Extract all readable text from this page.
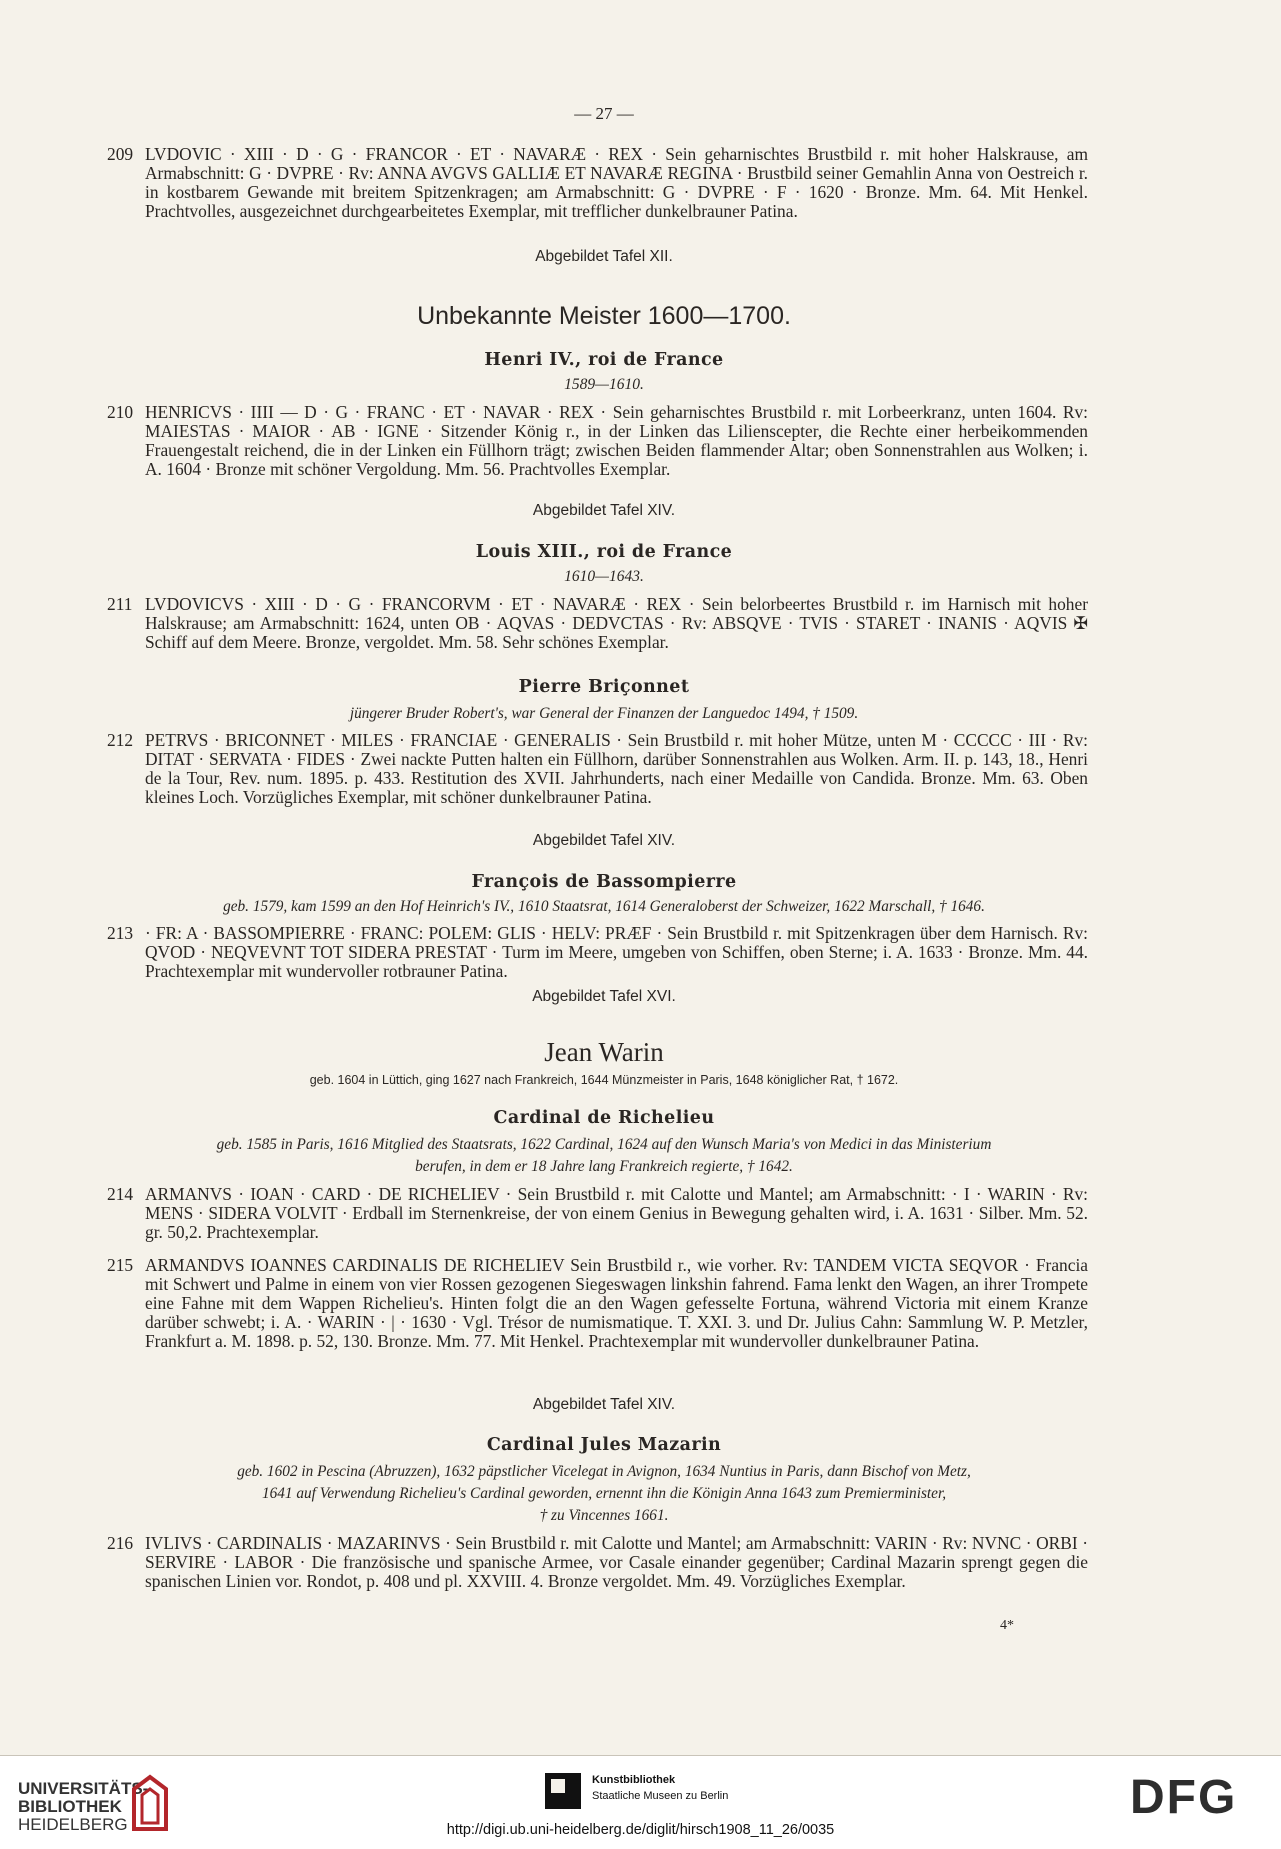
— 27 —
209 LVDOVIC · XIII · D · G · FRANCOR · ET · NAVARÆ · REX · Sein geharnischtes Brustbild r. mit hoher Halskrause, am Armabschnitt: G · DVPRE · Rv: ANNA AVGVS GALLIÆ ET NAVARÆ REGINA · Brustbild seiner Gemahlin Anna von Oestreich r. in kostbarem Gewande mit breitem Spitzenkragen; am Armabschnitt: G · DVPRE · F · 1620 · Bronze. Mm. 64. Mit Henkel. Prachtvolles, ausgezeichnet durchgearbeitetes Exemplar, mit trefflicher dunkelbrauner Patina.

Abgebildet Tafel XII.
Unbekannte Meister 1600—1700.
Henri IV., roi de France
1589—1610.
210 HENRICVS · IIII — D · G · FRANC · ET · NAVAR · REX · Sein geharnischtes Brustbild r. mit Lorbeerkranz, unten 1604. Rv: MAIESTAS · MAIOR · AB · IGNE · Sitzender König r., in der Linken das Lilienscepter, die Rechte einer herbeikommenden Frauengestalt reichend, die in der Linken ein Füllhorn trägt; zwischen Beiden flammender Altar; oben Sonnenstrahlen aus Wolken; i. A. 1604 · Bronze mit schöner Vergoldung. Mm. 56. Prachtvolles Exemplar.

Abgebildet Tafel XIV.
Louis XIII., roi de France
1610—1643.
211 LVDOVICVS · XIII · D · G · FRANCORVM · ET · NAVARÆ · REX · Sein belorbeertes Brustbild r. im Harnisch mit hoher Halskrause; am Armabschnitt: 1624, unten OB · AQVAS · DEDVCTAS · Rv: ABSQVE · TVIS · STARET · INANIS · AQVIS ✠ Schiff auf dem Meere. Bronze, vergoldet. Mm. 58. Sehr schönes Exemplar.

Pierre Briçonnet
jüngerer Bruder Robert's, war General der Finanzen der Languedoc 1494, † 1509.
212 PETRVS · BRICONNET · MILES · FRANCIAE · GENERALIS · Sein Brustbild r. mit hoher Mütze, unten M · CCCCC · III · Rv: DITAT · SERVATA · FIDES · Zwei nackte Putten halten ein Füllhorn, darüber Sonnenstrahlen aus Wolken. Arm. II. p. 143, 18., Henri de la Tour, Rev. num. 1895. p. 433. Restitution des XVII. Jahrhunderts, nach einer Medaille von Candida. Bronze. Mm. 63. Oben kleines Loch. Vorzügliches Exemplar, mit schöner dunkelbrauner Patina.

Abgebildet Tafel XIV.
François de Bassompierre
geb. 1579, kam 1599 an den Hof Heinrich's IV., 1610 Staatsrat, 1614 Generaloberst der Schweizer, 1622 Marschall, † 1646.
213 · FR: A · BASSOMPIERRE · FRANC: POLEM: GLIS · HELV: PRÆF · Sein Brustbild r. mit Spitzenkragen über dem Harnisch. Rv: QVOD · NEQVEVNT TOT SIDERA PRESTAT · Turm im Meere, umgeben von Schiffen, oben Sterne; i. A. 1633 · Bronze. Mm. 44. Prachtexemplar mit wundervoller rotbrauner Patina.

Abgebildet Tafel XVI.
Jean Warin
geb. 1604 in Lüttich, ging 1627 nach Frankreich, 1644 Münzmeister in Paris, 1648 königlicher Rat, † 1672.
Cardinal de Richelieu
geb. 1585 in Paris, 1616 Mitglied des Staatsrats, 1622 Cardinal, 1624 auf den Wunsch Maria's von Medici in das Ministerium
berufen, in dem er 18 Jahre lang Frankreich regierte, † 1642.
214 ARMANVS · IOAN · CARD · DE RICHELIEV · Sein Brustbild r. mit Calotte und Mantel; am Armabschnitt: · I · WARIN · Rv: MENS · SIDERA VOLVIT · Erdball im Sternenkreise, der von einem Genius in Bewegung gehalten wird, i. A. 1631 · Silber. Mm. 52. gr. 50,2. Prachtexemplar.

215 ARMANDVS IOANNES CARDINALIS DE RICHELIEV Sein Brustbild r., wie vorher. Rv: TANDEM VICTA SEQVOR · Francia mit Schwert und Palme in einem von vier Rossen gezogenen Siegeswagen linkshin fahrend. Fama lenkt den Wagen, an ihrer Trompete eine Fahne mit dem Wappen Richelieu's. Hinten folgt die an den Wagen gefesselte Fortuna, während Victoria mit einem Kranze darüber schwebt; i. A. · WARIN · | · 1630 · Vgl. Trésor de numismatique. T. XXI. 3. und Dr. Julius Cahn: Sammlung W. P. Metzler, Frankfurt a. M. 1898. p. 52, 130. Bronze. Mm. 77. Mit Henkel. Prachtexemplar mit wundervoller dunkelbrauner Patina.

Abgebildet Tafel XIV.
Cardinal Jules Mazarin
geb. 1602 in Pescina (Abruzzen), 1632 päpstlicher Vicelegat in Avignon, 1634 Nuntius in Paris, dann Bischof von Metz,
1641 auf Verwendung Richelieu's Cardinal geworden, ernennt ihn die Königin Anna 1643 zum Premierminister,
† zu Vincennes 1661.
216 IVLIVS · CARDINALIS · MAZARINVS · Sein Brustbild r. mit Calotte und Mantel; am Armabschnitt: VARIN · Rv: NVNC · ORBI · SERVIRE · LABOR · Die französische und spanische Armee, vor Casale einander gegenüber; Cardinal Mazarin sprengt gegen die spanischen Linien vor. Rondot, p. 408 und pl. XXVIII. 4. Bronze vergoldet. Mm. 49. Vorzügliches Exemplar.

4*
UNIVERSITÄTS-
BIBLIOTHEK
HEIDELBERG
Kunstbibliothek
Staatliche Museen zu Berlin	DFG
http://digi.ub.uni-heidelberg.de/diglit/hirsch1908_11_26/0035
